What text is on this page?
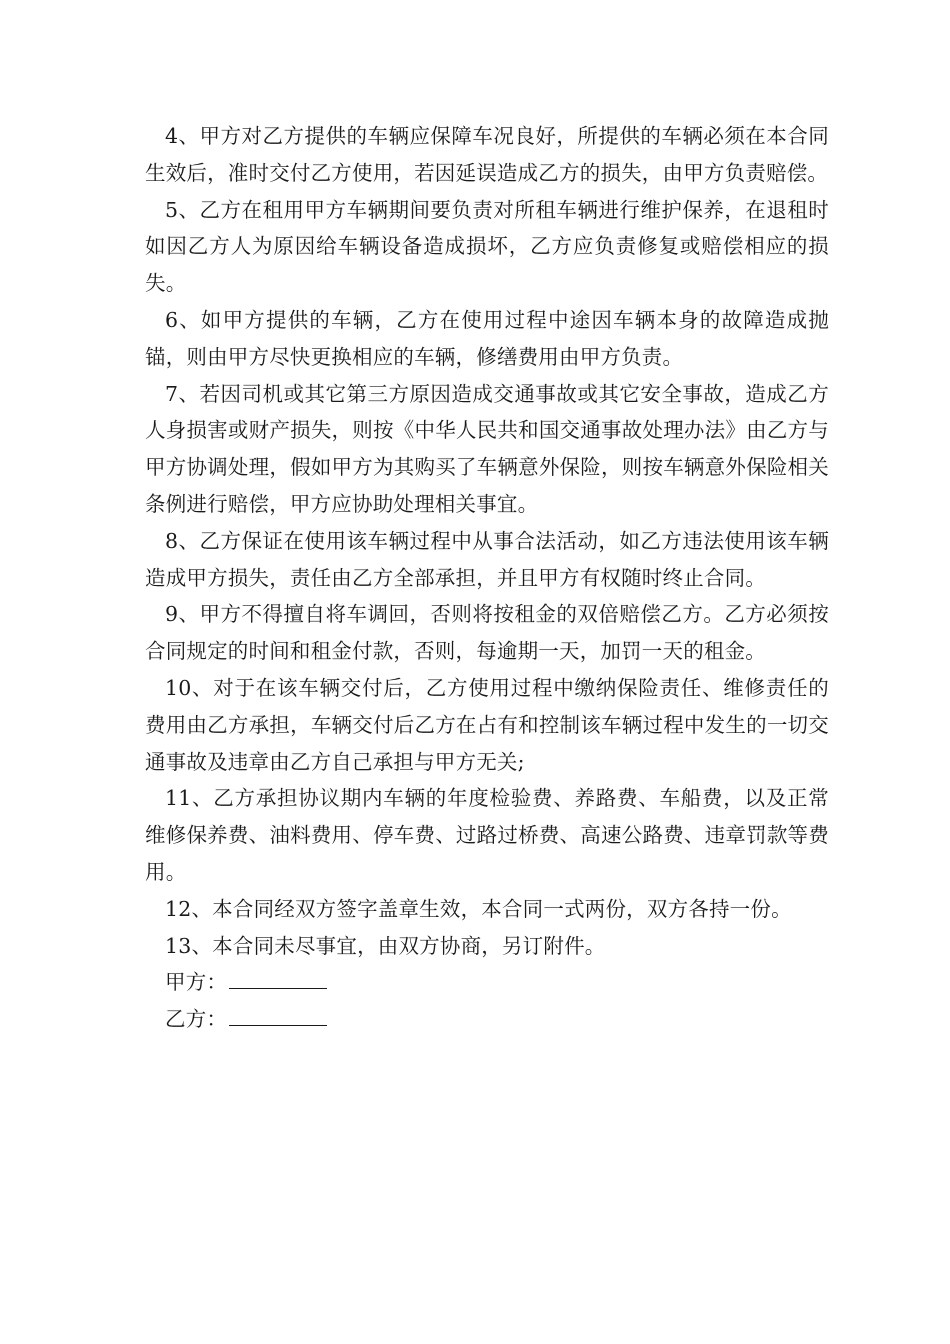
4、甲方对乙方提供的车辆应保障车况良好，所提供的车辆必须在本合同生效后，准时交付乙方使用，若因延误造成乙方的损失，由甲方负责赔偿。

5、乙方在租用甲方车辆期间要负责对所租车辆进行维护保养，在退租时如因乙方人为原因给车辆设备造成损坏，乙方应负责修复或赔偿相应的损失。

6、如甲方提供的车辆，乙方在使用过程中途因车辆本身的故障造成抛锚，则由甲方尽快更换相应的车辆，修缮费用由甲方负责。

7、若因司机或其它第三方原因造成交通事故或其它安全事故，造成乙方人身损害或财产损失，则按《中华人民共和国交通事故处理办法》由乙方与甲方协调处理，假如甲方为其购买了车辆意外保险，则按车辆意外保险相关条例进行赔偿，甲方应协助处理相关事宜。

8、乙方保证在使用该车辆过程中从事合法活动，如乙方违法使用该车辆造成甲方损失，责任由乙方全部承担，并且甲方有权随时终止合同。

9、甲方不得擅自将车调回，否则将按租金的双倍赔偿乙方。乙方必须按合同规定的时间和租金付款，否则，每逾期一天，加罚一天的租金。

10、对于在该车辆交付后，乙方使用过程中缴纳保险责任、维修责任的费用由乙方承担，车辆交付后乙方在占有和控制该车辆过程中发生的一切交通事故及违章由乙方自己承担与甲方无关;

11、乙方承担协议期内车辆的年度检验费、养路费、车船费，以及正常维修保养费、油料费用、停车费、过路过桥费、高速公路费、违章罚款等费用。

12、本合同经双方签字盖章生效，本合同一式两份，双方各持一份。

13、本合同未尽事宜，由双方协商，另订附件。

甲方：
乙方：
